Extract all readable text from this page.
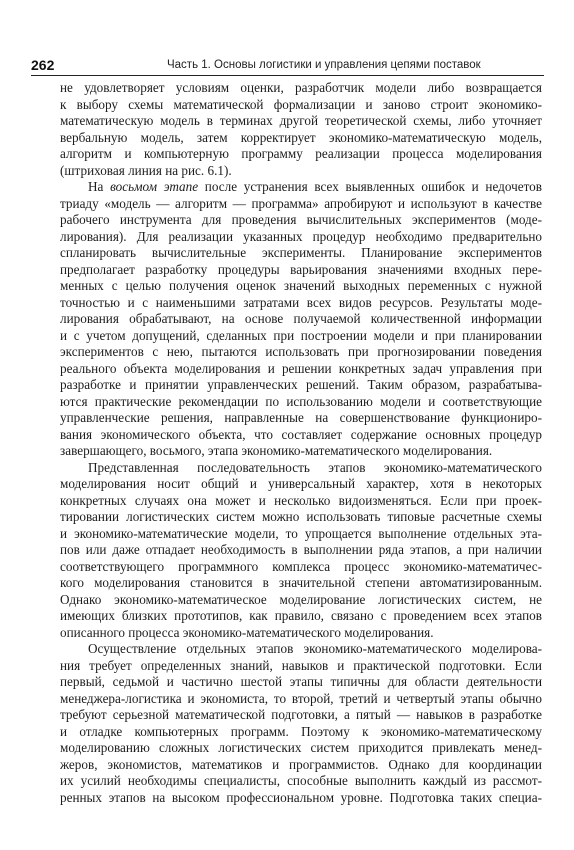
262	Часть 1. Основы логистики и управления цепями поставок
не удовлетворяет условиям оценки, разработчик модели либо возвращается
к выбору схемы математической формализации и заново строит экономико-
математическую модель в терминах другой теоретической схемы, либо уточняет
вербальную модель, затем корректирует экономико-математическую модель,
алгоритм и компьютерную программу реализации процесса моделирования
(штриховая линия на рис. 6.1).
На восьмом этапе после устранения всех выявленных ошибок и недочетов
триаду «модель — алгоритм — программа» апробируют и используют в качестве
рабочего инструмента для проведения вычислительных экспериментов (моде-
лирования). Для реализации указанных процедур необходимо предварительно
спланировать вычислительные эксперименты. Планирование экспериментов
предполагает разработку процедуры варьирования значениями входных пере-
менных с целью получения оценок значений выходных переменных с нужной
точностью и с наименьшими затратами всех видов ресурсов. Результаты моде-
лирования обрабатывают, на основе получаемой количественной информации
и с учетом допущений, сделанных при построении модели и при планировании
экспериментов с нею, пытаются использовать при прогнозировании поведения
реального объекта моделирования и решении конкретных задач управления при
разработке и принятии управленческих решений. Таким образом, разрабатыва-
ются практические рекомендации по использованию модели и соответствующие
управленческие решения, направленные на совершенствование функциониро-
вания экономического объекта, что составляет содержание основных процедур
завершающего, восьмого, этапа экономико-математического моделирования.
Представленная последовательность этапов экономико-математического
моделирования носит общий и универсальный характер, хотя в некоторых
конкретных случаях она может и несколько видоизменяться. Если при проек-
тировании логистических систем можно использовать типовые расчетные схемы
и экономико-математические модели, то упрощается выполнение отдельных эта-
пов или даже отпадает необходимость в выполнении ряда этапов, а при наличии
соответствующего программного комплекса процесс экономико-математичес-
кого моделирования становится в значительной степени автоматизированным.
Однако экономико-математическое моделирование логистических систем, не
имеющих близких прототипов, как правило, связано с проведением всех этапов
описанного процесса экономико-математического моделирования.
Осуществление отдельных этапов экономико-математического моделирова-
ния требует определенных знаний, навыков и практической подготовки. Если
первый, седьмой и частично шестой этапы типичны для области деятельности
менеджера-логистика и экономиста, то второй, третий и четвертый этапы обычно
требуют серьезной математической подготовки, а пятый — навыков в разработке
и отладке компьютерных программ. Поэтому к экономико-математическому
моделированию сложных логистических систем приходится привлекать менед-
жеров, экономистов, математиков и программистов. Однако для координации
их усилий необходимы специалисты, способные выполнить каждый из рассмот-
ренных этапов на высоком профессиональном уровне. Подготовка таких специа-
